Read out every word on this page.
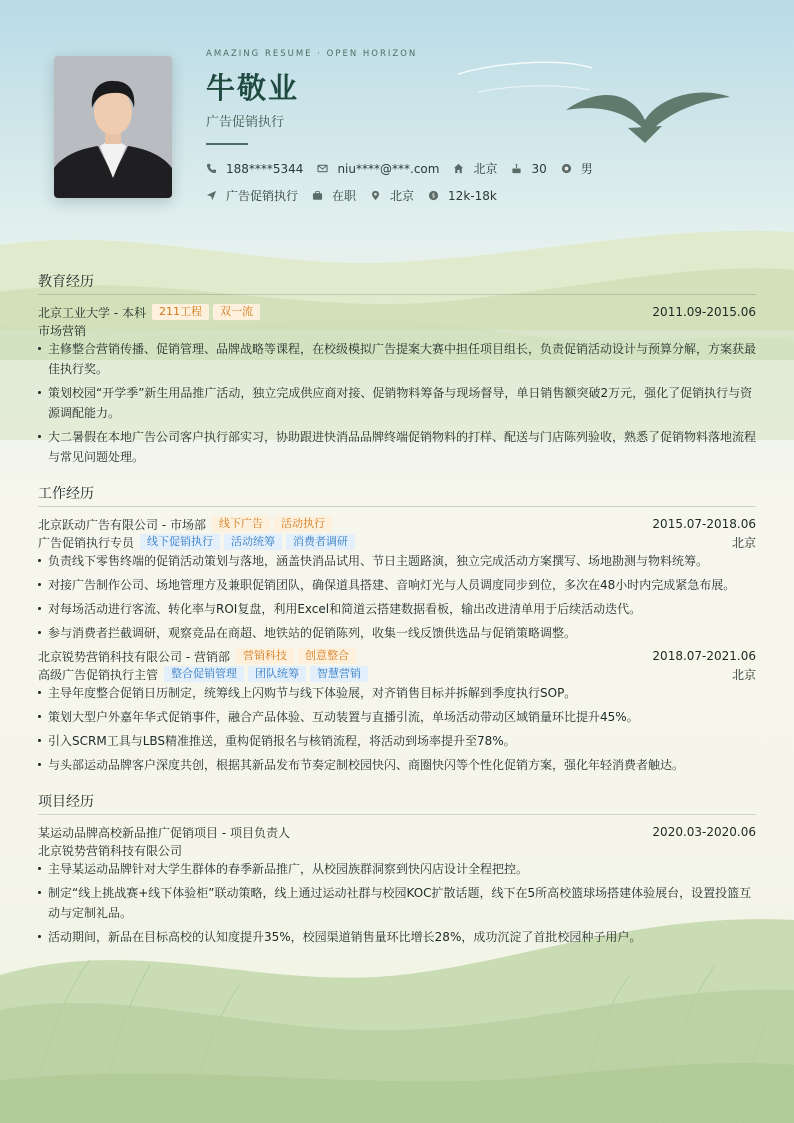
AMAZING RESUME · OPEN HORIZON
牛敬业
广告促销执行
188****5344	niu****@***.com	北京	30	男
广告促销执行	在职	北京	$ 12k-18k
教育经历
北京工业大学 - 本科	211工程	双一流	2011.09-2015.06
市场营销
主修整合营销传播、促销管理、品牌战略等课程，在校级模拟广告提案大赛中担任项目组长，负责促销活动设计与预算分解，方案获最佳执行奖。
策划校园“开学季”新生用品推广活动，独立完成供应商对接、促销物料筹备与现场督导，单日销售额突破2万元，强化了促销执行与资源调配能力。
大二暑假在本地广告公司客户执行部实习，协助跟进快消品品牌终端促销物料的打样、配送与门店陈列验收，熟悉了促销物料落地流程与常见问题处理。
工作经历
北京跃动广告有限公司 - 市场部	线下广告	活动执行	2015.07-2018.06
广告促销执行专员	线下促销执行	活动统筹	消费者调研	北京
负责线下零售终端的促销活动策划与落地，涵盖快消品试用、节日主题路演，独立完成活动方案撰写、场地勘测与物料统筹。
对接广告制作公司、场地管理方及兼职促销团队，确保道具搭建、音响灯光与人员调度同步到位，多次在48小时内完成紧急布展。
对每场活动进行客流、转化率与ROI复盘，利用Excel和简道云搭建数据看板，输出改进清单用于后续活动迭代。
参与消费者拦截调研，观察竞品在商超、地铁站的促销陈列，收集一线反馈供选品与促销策略调整。
北京锐势营销科技有限公司 - 营销部	营销科技	创意整合	2018.07-2021.06
高级广告促销执行主管	整合促销管理	团队统筹	智慧营销	北京
主导年度整合促销日历制定，统筹线上闪购节与线下体验展，对齐销售目标并拆解到季度执行SOP。
策划大型户外嘉年华式促销事件，融合产品体验、互动装置与直播引流，单场活动带动区域销量环比提升45%。
引入SCRM工具与LBS精准推送，重构促销报名与核销流程，将活动到场率提升至78%。
与头部运动品牌客户深度共创，根据其新品发布节奏定制校园快闪、商圈快闪等个性化促销方案，强化年轻消费者触达。
项目经历
某运动品牌高校新品推广促销项目 - 项目负责人	2020.03-2020.06
北京锐势营销科技有限公司
主导某运动品牌针对大学生群体的春季新品推广，从校园族群洞察到快闪店设计全程把控。
制定“线上挑战赛+线下体验柜”联动策略，线上通过运动社群与校园KOC扩散话题，线下在5所高校篮球场搭建体验展台，设置投篮互动与定制礼品。
活动期间，新品在目标高校的认知度提升35%，校园渠道销售量环比增长28%，成功沉淀了首批校园种子用户。
